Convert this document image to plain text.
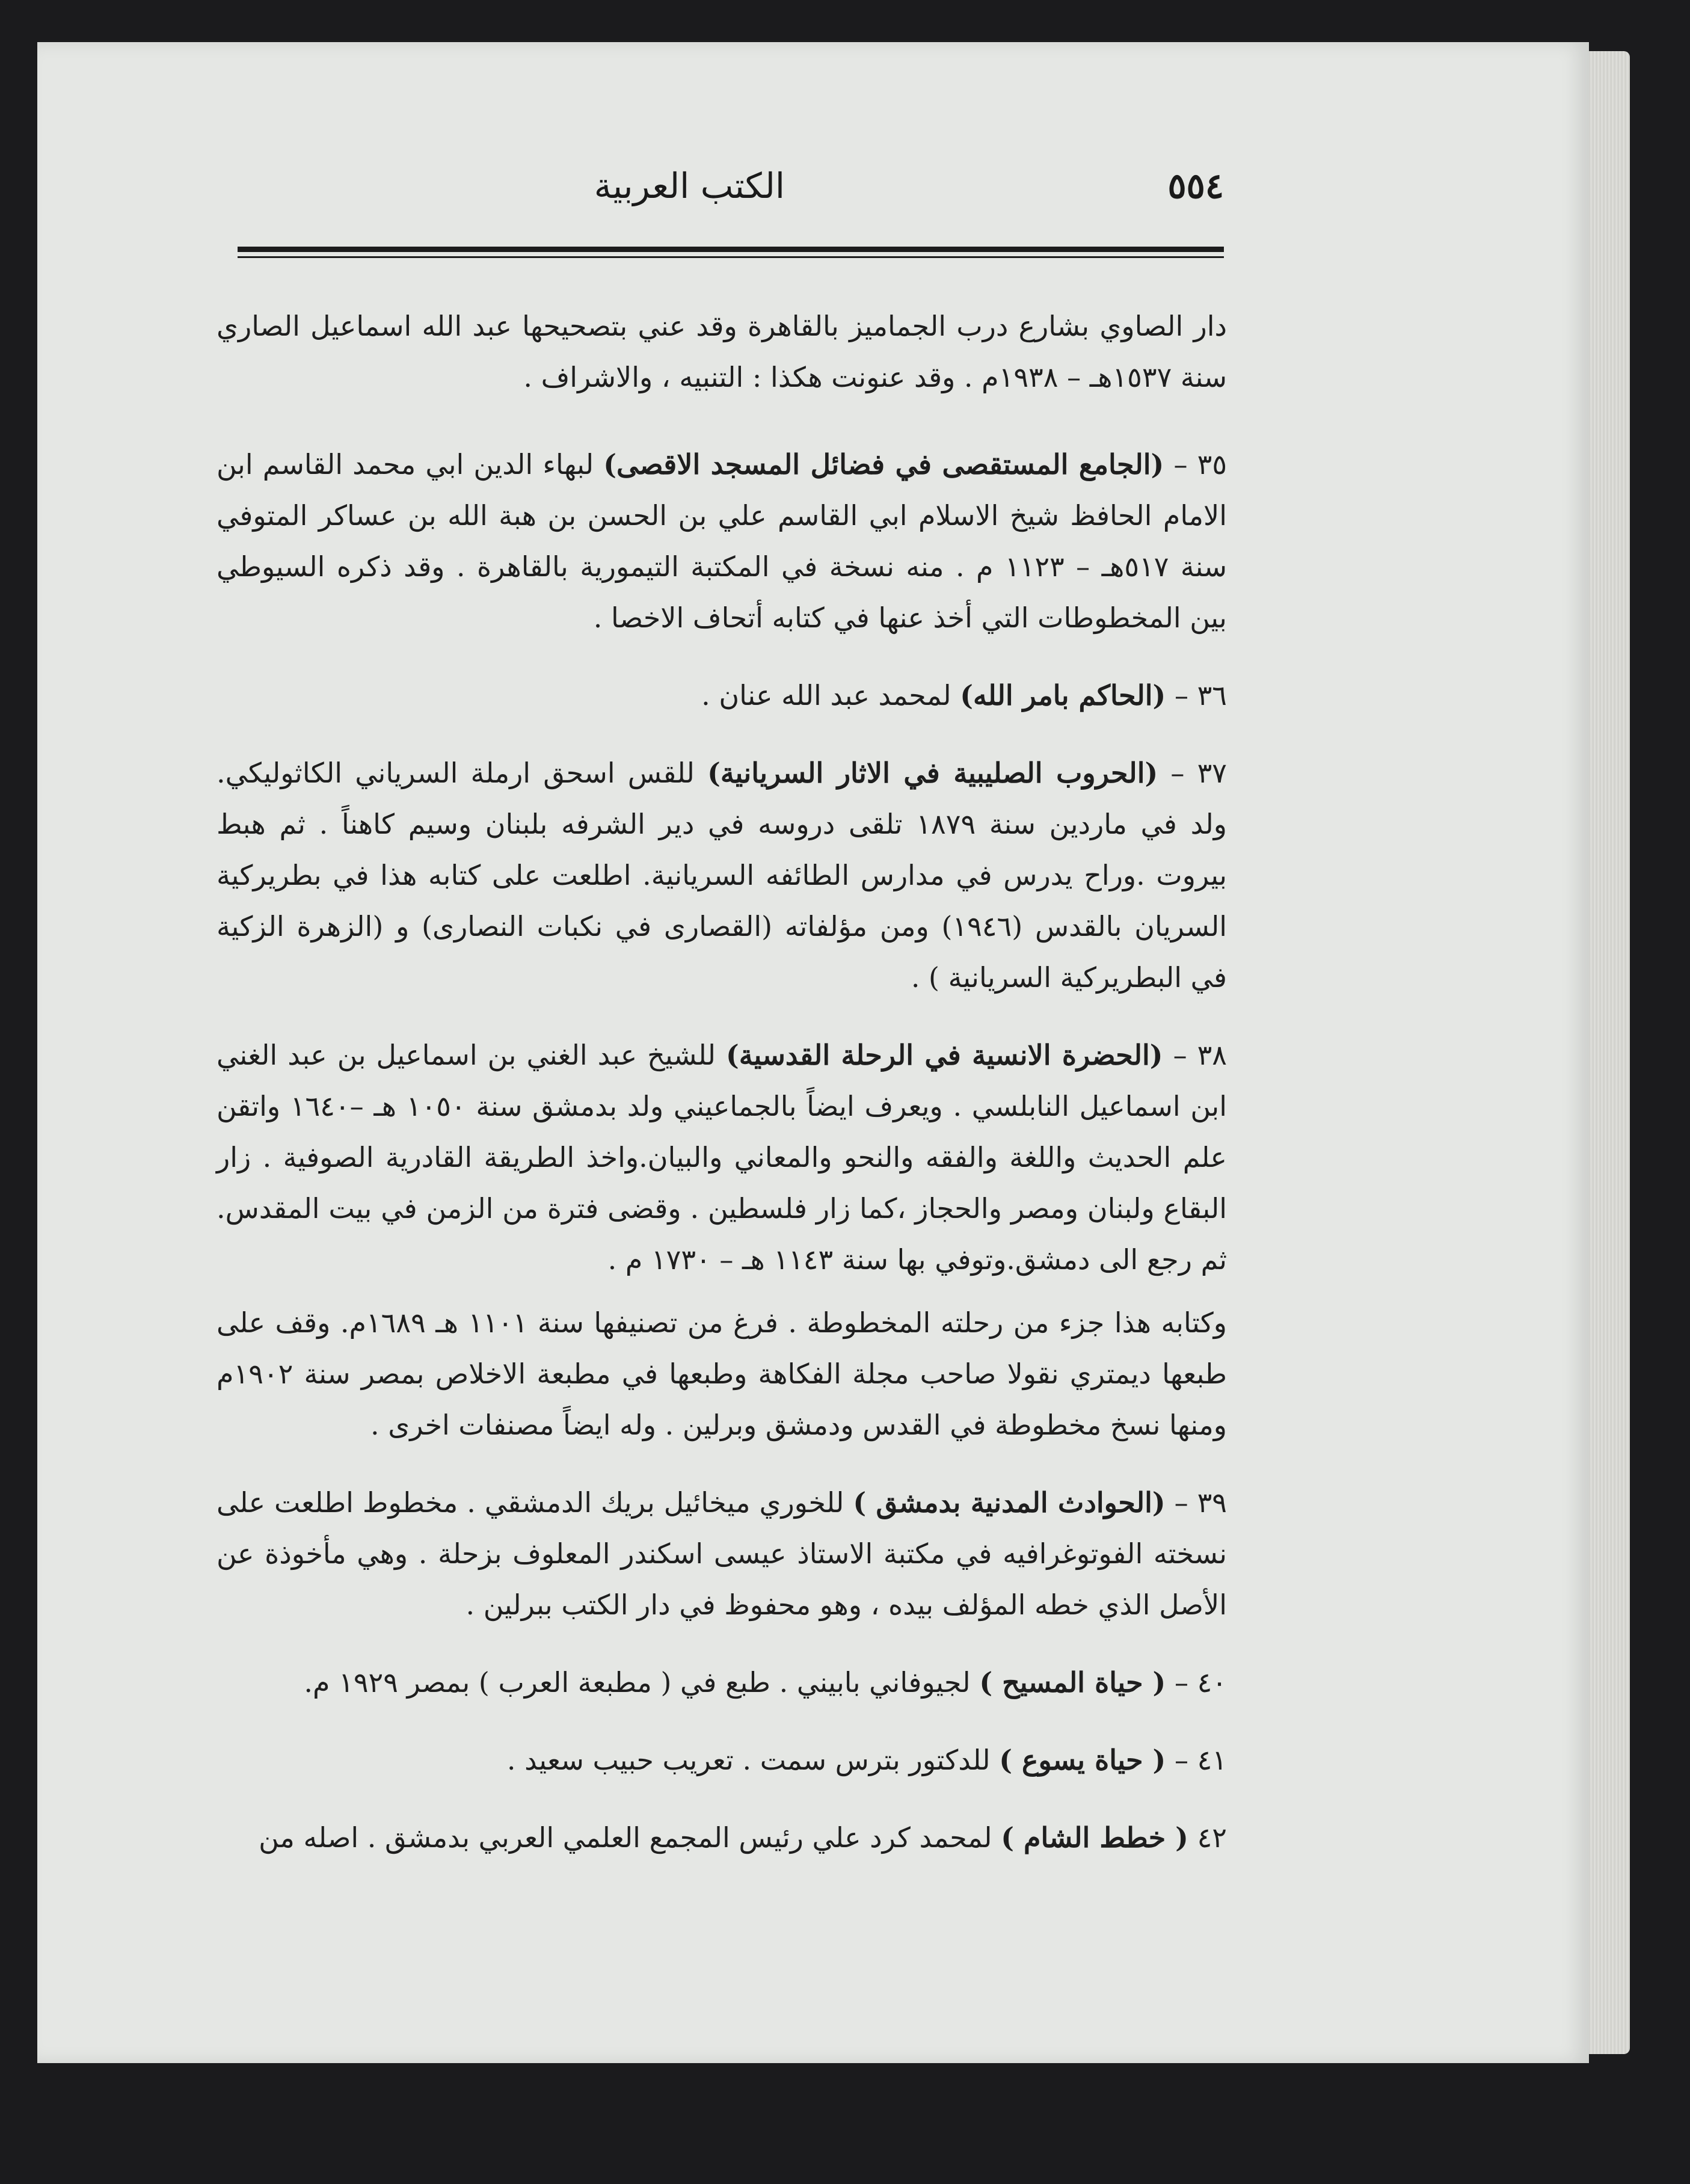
٥٥٤
الكتب العربية

دار الصاوي بشارع درب الجماميز بالقاهرة وقد عني بتصحيحها عبد الله اسماعيل الصاري سنة ١٥٣٧هـ – ١٩٣٨م . وقد عنونت هكذا : التنبيه ، والاشراف .

٣٥ – (الجامع المستقصى في فضائل المسجد الاقصى) لبهاء الدين ابي محمد القاسم ابن الامام الحافظ شيخ الاسلام ابي القاسم علي بن الحسن بن هبة الله بن عساكر المتوفي سنة ٥١٧هـ – ١١٢٣ م . منه نسخة في المكتبة التيمورية بالقاهرة . وقد ذكره السيوطي بين المخطوطات التي أخذ عنها في كتابه أتحاف الاخصا .

٣٦ – (الحاكم بامر الله) لمحمد عبد الله عنان .

٣٧ – (الحروب الصليبية في الاثار السريانية) للقس اسحق ارملة السرياني الكاثوليكي. ولد في ماردين سنة ١٨٧٩ تلقى دروسه في دير الشرفه بلبنان وسيم كاهناً . ثم هبط بيروت .وراح يدرس في مدارس الطائفه السريانية. اطلعت على كتابه هذا في بطريركية السريان بالقدس (١٩٤٦) ومن مؤلفاته (القصارى في نكبات النصارى) و (الزهرة الزكية في البطريركية السريانية ) .

٣٨ – (الحضرة الانسية في الرحلة القدسية) للشيخ عبد الغني بن اسماعيل بن عبد الغني ابن اسماعيل النابلسي . ويعرف ايضاً بالجماعيني ولد بدمشق سنة ١٠٥٠ هـ –١٦٤٠ واتقن علم الحديث واللغة والفقه والنحو والمعاني والبيان.واخذ الطريقة القادرية الصوفية . زار البقاع ولبنان ومصر والحجاز ،كما زار فلسطين . وقضى فترة من الزمن في بيت المقدس. ثم رجع الى دمشق.وتوفي بها سنة ١١٤٣ هـ – ١٧٣٠ م .

وكتابه هذا جزء من رحلته المخطوطة . فرغ من تصنيفها سنة ١١٠١ هـ ١٦٨٩م. وقف على طبعها ديمتري نقولا صاحب مجلة الفكاهة وطبعها في مطبعة الاخلاص بمصر سنة ١٩٠٢م ومنها نسخ مخطوطة في القدس ودمشق وبرلين . وله ايضاً مصنفات اخرى .

٣٩ – (الحوادث المدنية بدمشق ) للخوري ميخائيل بريك الدمشقي . مخطوط اطلعت على نسخته الفوتوغرافيه في مكتبة الاستاذ عيسى اسكندر المعلوف بزحلة . وهي مأخوذة عن الأصل الذي خطه المؤلف بيده ، وهو محفوظ في دار الكتب ببرلين .

٤٠ – ( حياة المسيح ) لجيوفاني بابيني . طبع في ( مطبعة العرب ) بمصر ١٩٢٩ م.

٤١ – ( حياة يسوع ) للدكتور بترس سمت . تعريب حبيب سعيد .

٤٢ ( خطط الشام ) لمحمد كرد علي رئيس المجمع العلمي العربي بدمشق . اصله من
